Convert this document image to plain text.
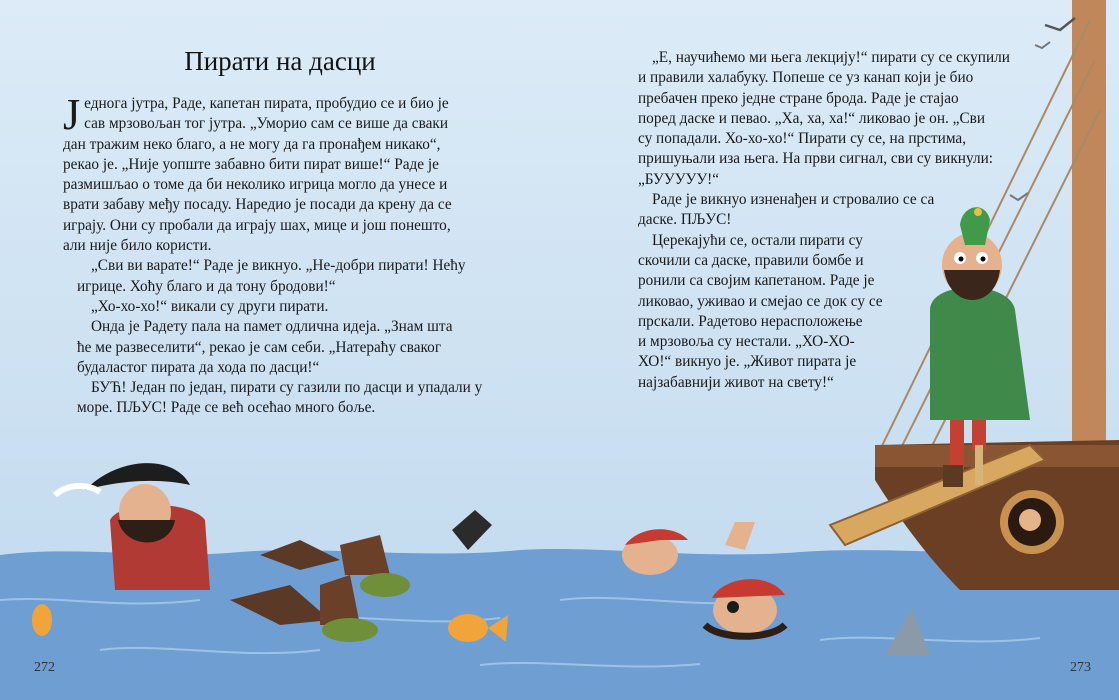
Пирати на дасци

Ј еднога јутра, Раде, капетан пирата, пробудио се и био је
сав мрзовољан тог јутра. „Уморио сам се више да сваки
дан тражим неко благо, а не могу да га пронађем никако“,
рекао је. „Није уопште забавно бити пират више!“ Раде је
размишљао о томе да би неколико игрица могло да унесе и
врати забаву међу посаду. Наредио је посади да крену да се
играју. Они су пробали да играју шах, мице и још понешто,
али није било користи.

„Сви ви варате!“ Раде је викнуо. „Не-добри пирати! Нећу
игрице. Хоћу благо и да тону бродови!“

„Хо-хо-хо!“ викали су други пирати.

Онда је Радету пала на памет одлична идеја. „Знам шта
ће ме развеселити“, рекао је сам себи. „Натераћу сваког
будаластог пирата да хода по дасци!“

БУЋ! Један по један, пирати су газили по дасци и упадали у
море. ПЉУС! Раде се већ осећао много боље.

„Е, научићемо ми њега лекцију!“ пирати су се скупили
и правили халабуку. Попеше се уз канап који је био
пребачен преко једне стране брода. Раде је стајао
поред даске и певао. „Ха, ха, ха!“ ликовао је он. „Сви
су попадали. Хо-хо-хо!“ Пирати су се, на прстима,
пришуњали иза њега. На први сигнал, сви су викнули:
„БУУУУУ!“

Раде је викнуо изненађен и стровалио се са
даске. ПЉУС!

Церекајући се, остали пирати су
скочили са даске, правили бомбе и
ронили са својим капетаном. Раде је
ликовао, уживао и смејао се док су се
прскали. Радетово нерасположење
и мрзовоља су нестали. „ХО-ХО-
ХО!“ викнуо је. „Живот пирата је
најзабавнији живот на свету!“

272	273
